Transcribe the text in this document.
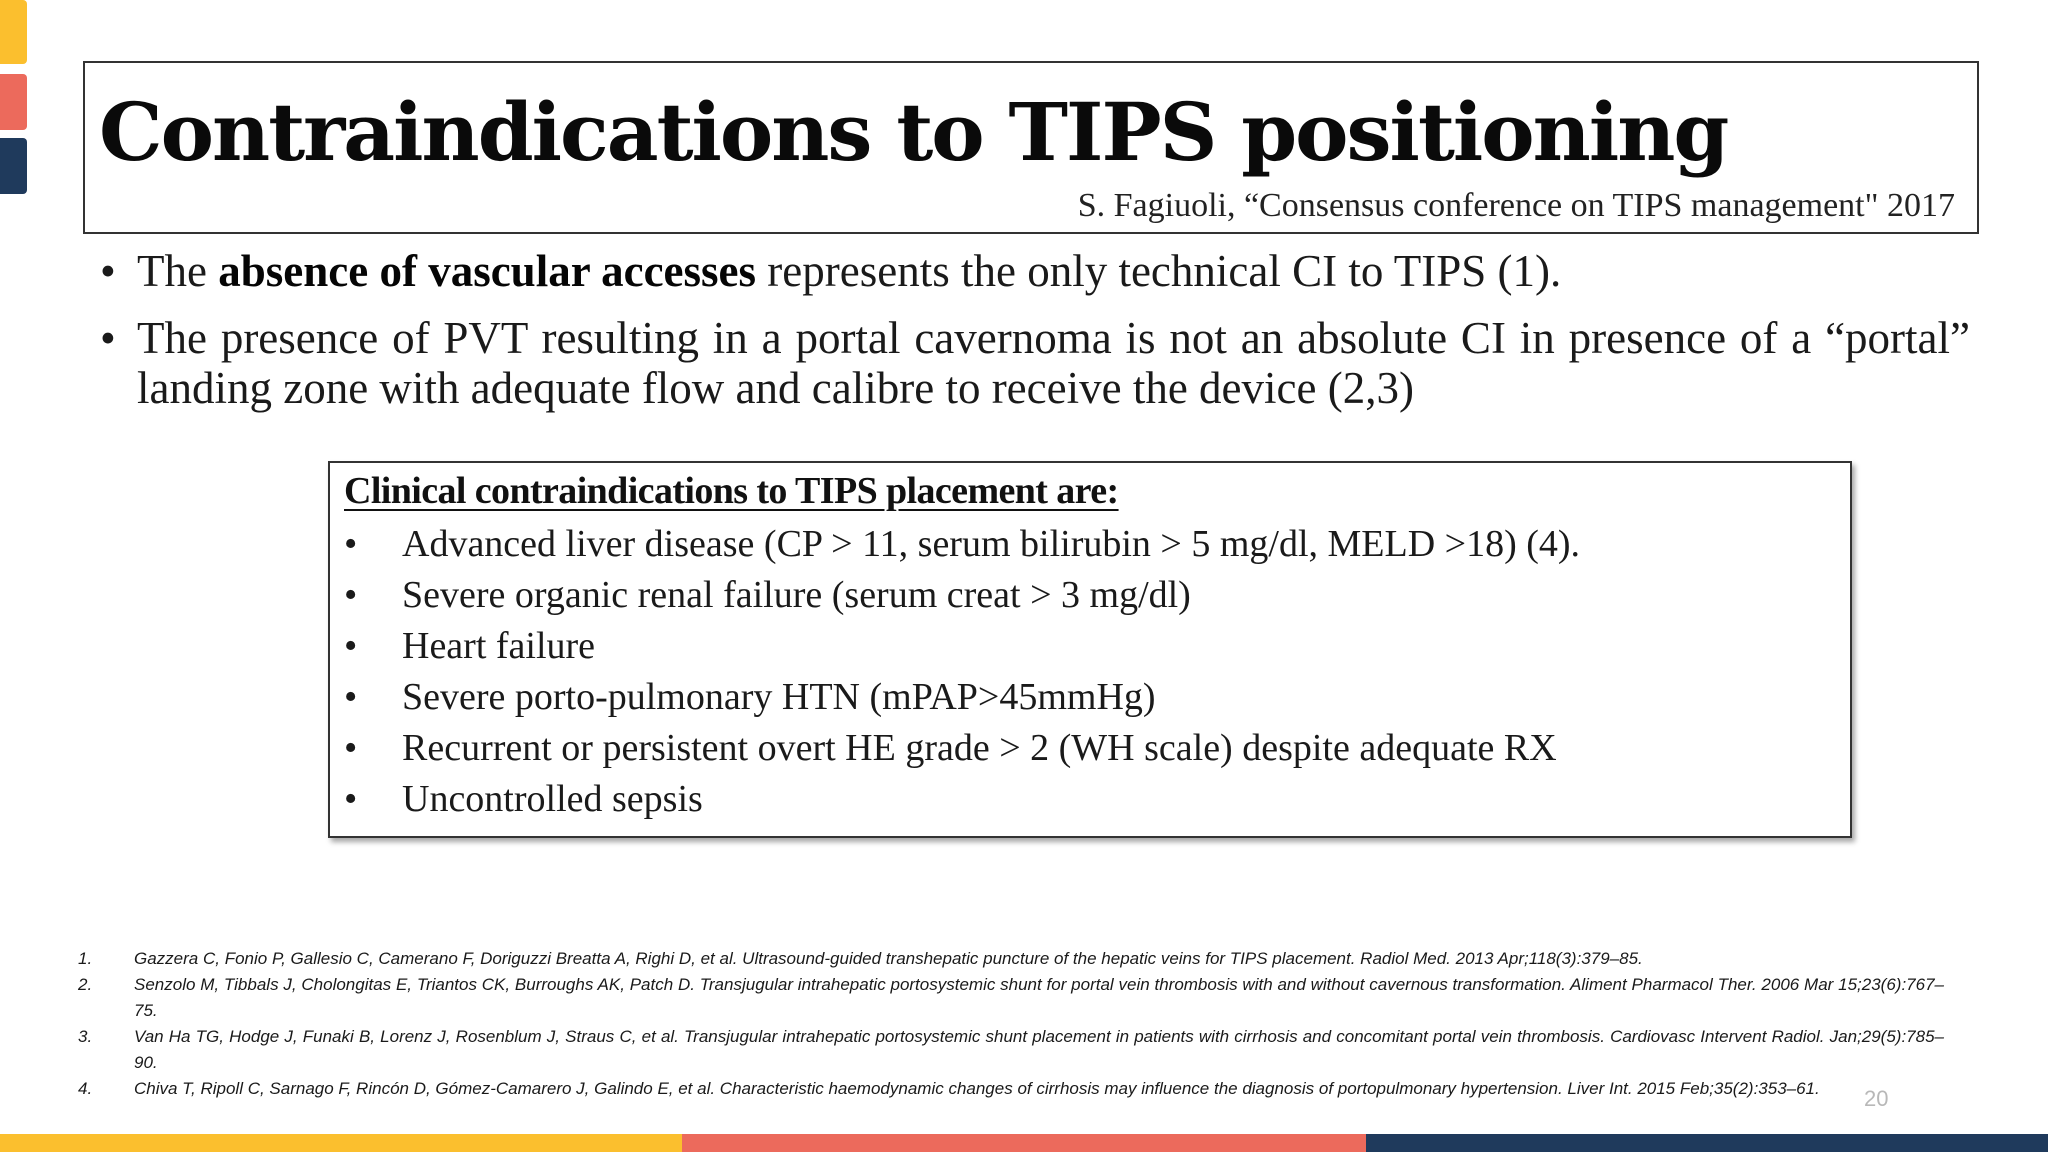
Contraindications to TIPS positioning
S. Fagiuoli, “Consensus conference on TIPS management" 2017
• The absence of vascular accesses represents the only technical CI to TIPS (1).
• The presence of PVT resulting in a portal cavernoma is not an absolute CI in presence of a “portal” landing zone with adequate flow and calibre to receive the device (2,3)
Clinical contraindications to TIPS placement are:
• Advanced liver disease (CP > 11, serum bilirubin > 5 mg/dl, MELD >18) (4).
• Severe organic renal failure (serum creat > 3 mg/dl)
• Heart failure
• Severe porto-pulmonary HTN (mPAP>45mmHg)
• Recurrent or persistent overt HE grade > 2 (WH scale) despite adequate RX
• Uncontrolled sepsis
1. Gazzera C, Fonio P, Gallesio C, Camerano F, Doriguzzi Breatta A, Righi D, et al. Ultrasound-guided transhepatic puncture of the hepatic veins for TIPS placement. Radiol Med. 2013 Apr;118(3):379–85.
2. Senzolo M, Tibbals J, Cholongitas E, Triantos CK, Burroughs AK, Patch D. Transjugular intrahepatic portosystemic shunt for portal vein thrombosis with and without cavernous transformation. Aliment Pharmacol Ther. 2006 Mar 15;23(6):767–75.
3. Van Ha TG, Hodge J, Funaki B, Lorenz J, Rosenblum J, Straus C, et al. Transjugular intrahepatic portosystemic shunt placement in patients with cirrhosis and concomitant portal vein thrombosis. Cardiovasc Intervent Radiol. Jan;29(5):785–90.
4. Chiva T, Ripoll C, Sarnago F, Rincón D, Gómez-Camarero J, Galindo E, et al. Characteristic haemodynamic changes of cirrhosis may influence the diagnosis of portopulmonary hypertension. Liver Int. 2015 Feb;35(2):353–61.	20
